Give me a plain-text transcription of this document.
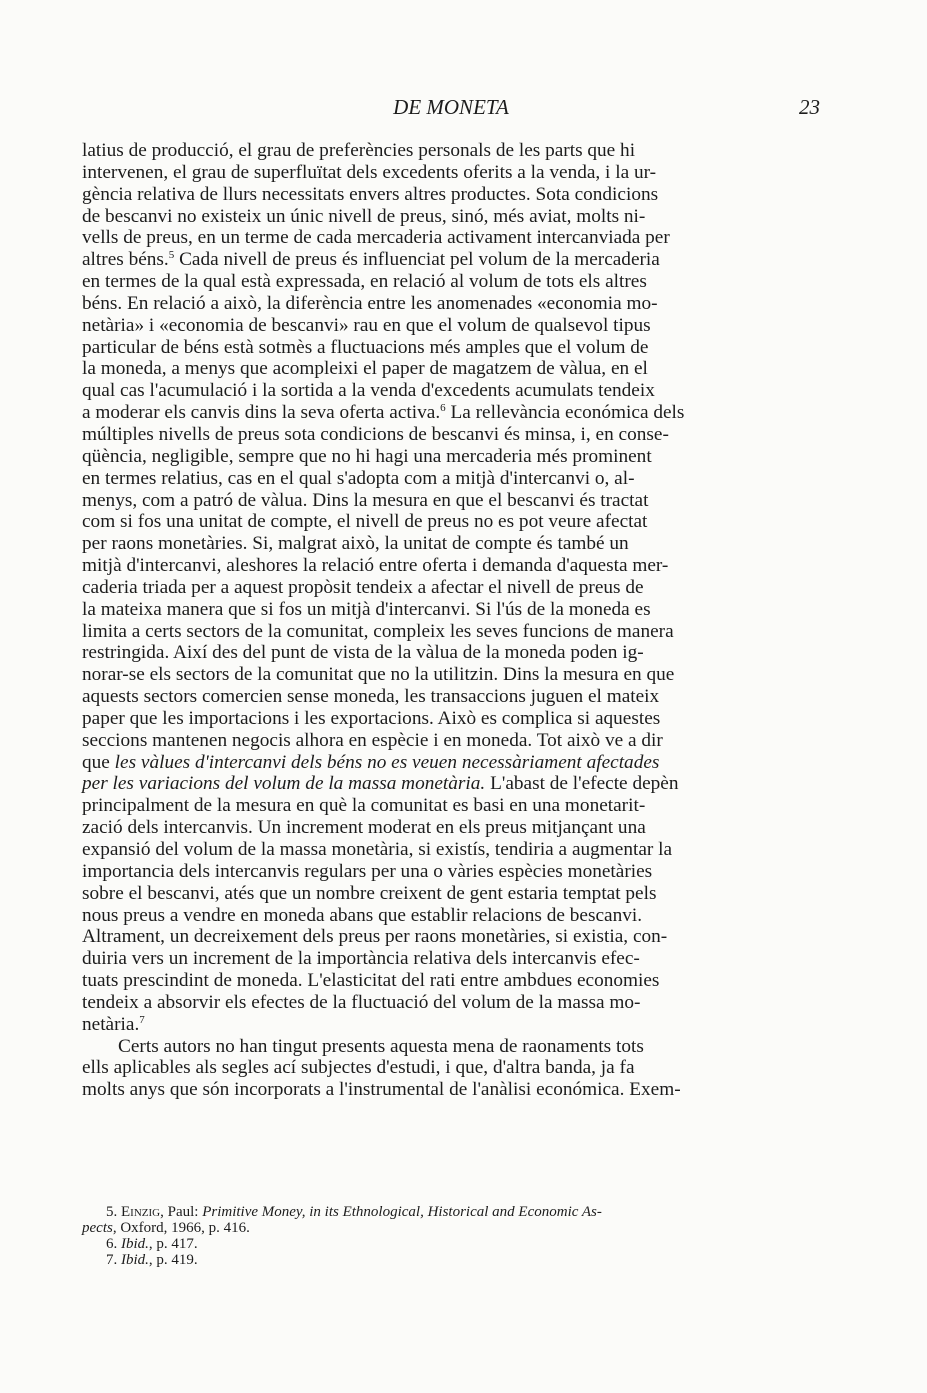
DE MONETA	23
latius de producció, el grau de preferències personals de les parts que hi
intervenen, el grau de superfluïtat dels excedents oferits a la venda, i la ur-
gència relativa de llurs necessitats envers altres productes. Sota condicions
de bescanvi no existeix un únic nivell de preus, sinó, més aviat, molts ni-
vells de preus, en un terme de cada mercaderia activament intercanviada per
altres béns.$^5$ Cada nivell de preus és influenciat pel volum de la mercaderia
en termes de la qual està expressada, en relació al volum de tots els altres
béns. En relació a això, la diferència entre les anomenades «economia mo-
netària» i «economia de bescanvi» rau en que el volum de qualsevol tipus
particular de béns està sotmès a fluctuacions més amples que el volum de
la moneda, a menys que acompleixi el paper de magatzem de vàlua, en el
qual cas l'acumulació i la sortida a la venda d'excedents acumulats tendeix
a moderar els canvis dins la seva oferta activa.$^6$ La rellevància económica dels
múltiples nivells de preus sota condicions de bescanvi és minsa, i, en conse-
qüència, negligible, sempre que no hi hagi una mercaderia més prominent
en termes relatius, cas en el qual s'adopta com a mitjà d'intercanvi o, al-
menys, com a patró de vàlua. Dins la mesura en que el bescanvi és tractat
com si fos una unitat de compte, el nivell de preus no es pot veure afectat
per raons monetàries. Si, malgrat això, la unitat de compte és també un
mitjà d'intercanvi, aleshores la relació entre oferta i demanda d'aquesta mer-
caderia triada per a aquest propòsit tendeix a afectar el nivell de preus de
la mateixa manera que si fos un mitjà d'intercanvi. Si l'ús de la moneda es
limita a certs sectors de la comunitat, compleix les seves funcions de manera
restringida. Així des del punt de vista de la vàlua de la moneda poden ig-
norar-se els sectors de la comunitat que no la utilitzin. Dins la mesura en que
aquests sectors comercien sense moneda, les transaccions juguen el mateix
paper que les importacions i les exportacions. Això es complica si aquestes
seccions mantenen negocis alhora en espècie i en moneda. Tot això ve a dir
que les vàlues d'intercanvi dels béns no es veuen necessàriament afectades
per les variacions del volum de la massa monetària. L'abast de l'efecte depèn
principalment de la mesura en què la comunitat es basi en una monetarit-
zació dels intercanvis. Un increment moderat en els preus mitjançant una
expansió del volum de la massa monetària, si existís, tendiria a augmentar la
importancia dels intercanvis regulars per una o vàries espècies monetàries
sobre el bescanvi, atés que un nombre creixent de gent estaria temptat pels
nous preus a vendre en moneda abans que establir relacions de bescanvi.
Altrament, un decreixement dels preus per raons monetàries, si existia, con-
duiria vers un increment de la importància relativa dels intercanvis efec-
tuats prescindint de moneda. L'elasticitat del rati entre ambdues economies
tendeix a absorvir els efectes de la fluctuació del volum de la massa mo-
netària.$^7$
Certs autors no han tingut presents aquesta mena de raonaments tots
ells aplicables als segles ací subjectes d'estudi, i que, d'altra banda, ja fa
molts anys que són incorporats a l'instrumental de l'anàlisi económica. Exem-
5. Einzig, Paul: Primitive Money, in its Ethnological, Historical and Economic As-
pects, Oxford, 1966, p. 416.
6. Ibid., p. 417.
7. Ibid., p. 419.
